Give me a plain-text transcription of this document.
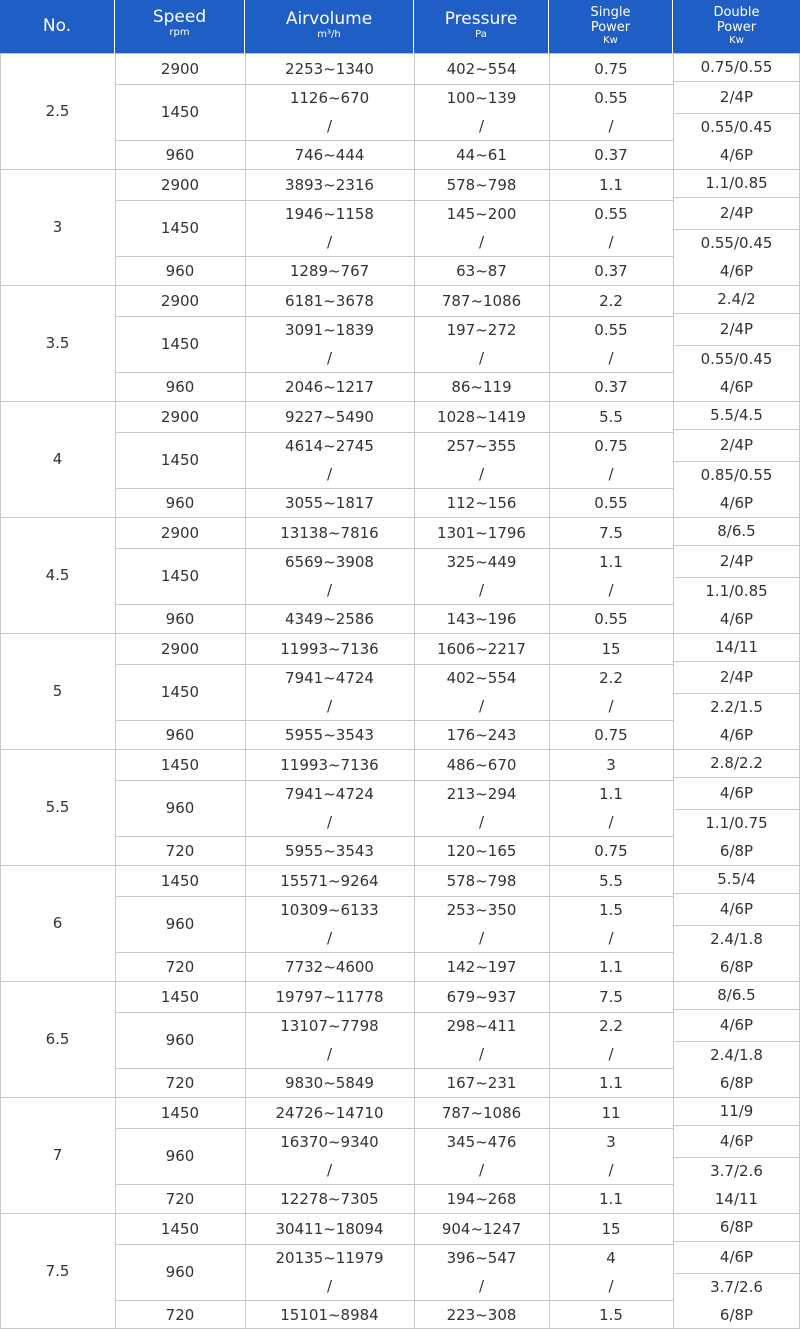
No.	Speed
rpm
Airvolume
m³/h
Pressure
Pa
Single
Power
Kw
Double
Power
Kw
2.5
2900
1450
960
2253~1340
1126~670
/
746~444
402~554
100~139
/
44~61
0.75
0.55
/
0.37
0.75/0.55
2/4P
0.55/0.45
4/6P
3
2900
1450
960
3893~2316
1946~1158
/
1289~767
578~798
145~200
/
63~87
1.1
0.55
/
0.37
1.1/0.85
2/4P
0.55/0.45
4/6P
3.5
2900
1450
960
6181~3678
3091~1839
/
2046~1217
787~1086
197~272
/
86~119
2.2
0.55
/
0.37
2.4/2
2/4P
0.55/0.45
4/6P
4
2900
1450
960
9227~5490
4614~2745
/
3055~1817
1028~1419
257~355
/
112~156
5.5
0.75
/
0.55
5.5/4.5
2/4P
0.85/0.55
4/6P
4.5
2900
1450
960
13138~7816
6569~3908
/
4349~2586
1301~1796
325~449
/
143~196
7.5
1.1
/
0.55
8/6.5
2/4P
1.1/0.85
4/6P
5
2900
1450
960
11993~7136
7941~4724
/
5955~3543
1606~2217
402~554
/
176~243
15
2.2
/
0.75
14/11
2/4P
2.2/1.5
4/6P
5.5
1450
960
720
11993~7136
7941~4724
/
5955~3543
486~670
213~294
/
120~165
3
1.1
/
0.75
2.8/2.2
4/6P
1.1/0.75
6/8P
6
1450
960
720
15571~9264
10309~6133
/
7732~4600
578~798
253~350
/
142~197
5.5
1.5
/
1.1
5.5/4
4/6P
2.4/1.8
6/8P
6.5
1450
960
720
19797~11778
13107~7798
/
9830~5849
679~937
298~411
/
167~231
7.5
2.2
/
1.1
8/6.5
4/6P
2.4/1.8
6/8P
7
1450
960
720
24726~14710
16370~9340
/
12278~7305
787~1086
345~476
/
194~268
11
3
/
1.1
11/9
4/6P
3.7/2.6
14/11
7.5
1450
960
720
30411~18094
20135~11979
/
15101~8984
904~1247
396~547
/
223~308
15
4
/
1.5
6/8P
4/6P
3.7/2.6
6/8P
